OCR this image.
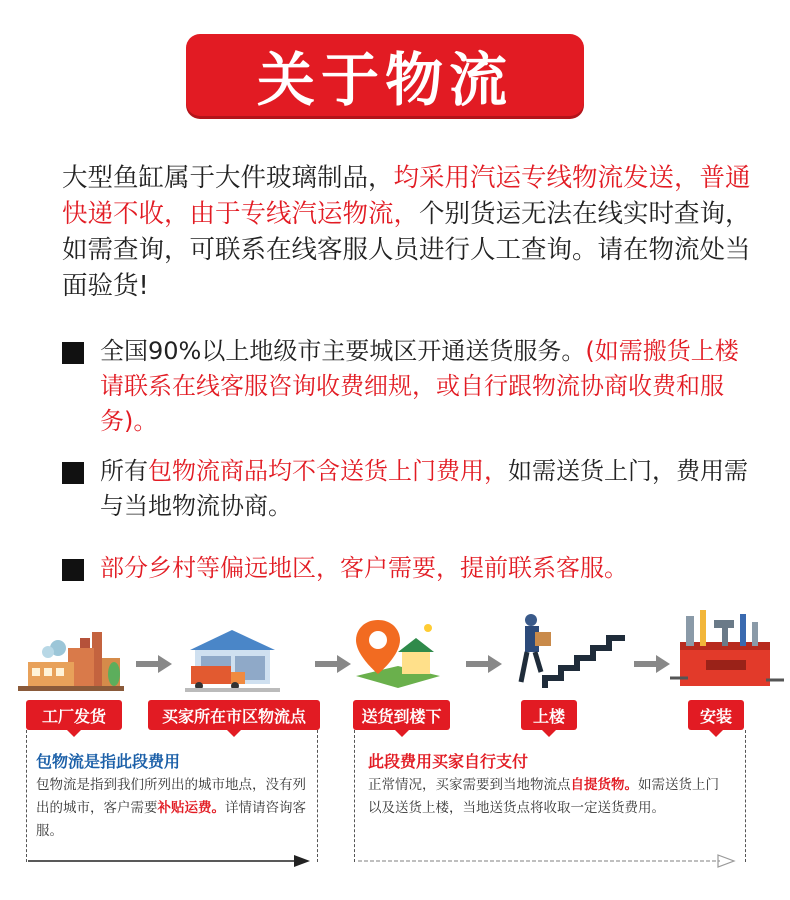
关于物流
大型鱼缸属于大件玻璃制品，均采用汽运专线物流发送，普通快递不收，由于专线汽运物流，个别货运无法在线实时查询，如需查询，可联系在线客服人员进行人工查询。请在物流处当面验货!
全国90%以上地级市主要城区开通送货服务。(如需搬货上楼请联系在线客服咨询收费细规，或自行跟物流协商收费和服务)。
所有包物流商品均不含送货上门费用，如需送货上门，费用需与当地物流协商。
部分乡村等偏远地区，客户需要，提前联系客服。
工厂发货	买家所在市区物流点	送货到楼下	上楼	安装
包物流是指此段费用
包物流是指到我们所列出的城市地点，没有列出的城市，客户需要补贴运费。详情请咨询客服。
此段费用买家自行支付
正常情况，买家需要到当地物流点自提货物。如需送货上门以及送货上楼，当地送货点将收取一定送货费用。
